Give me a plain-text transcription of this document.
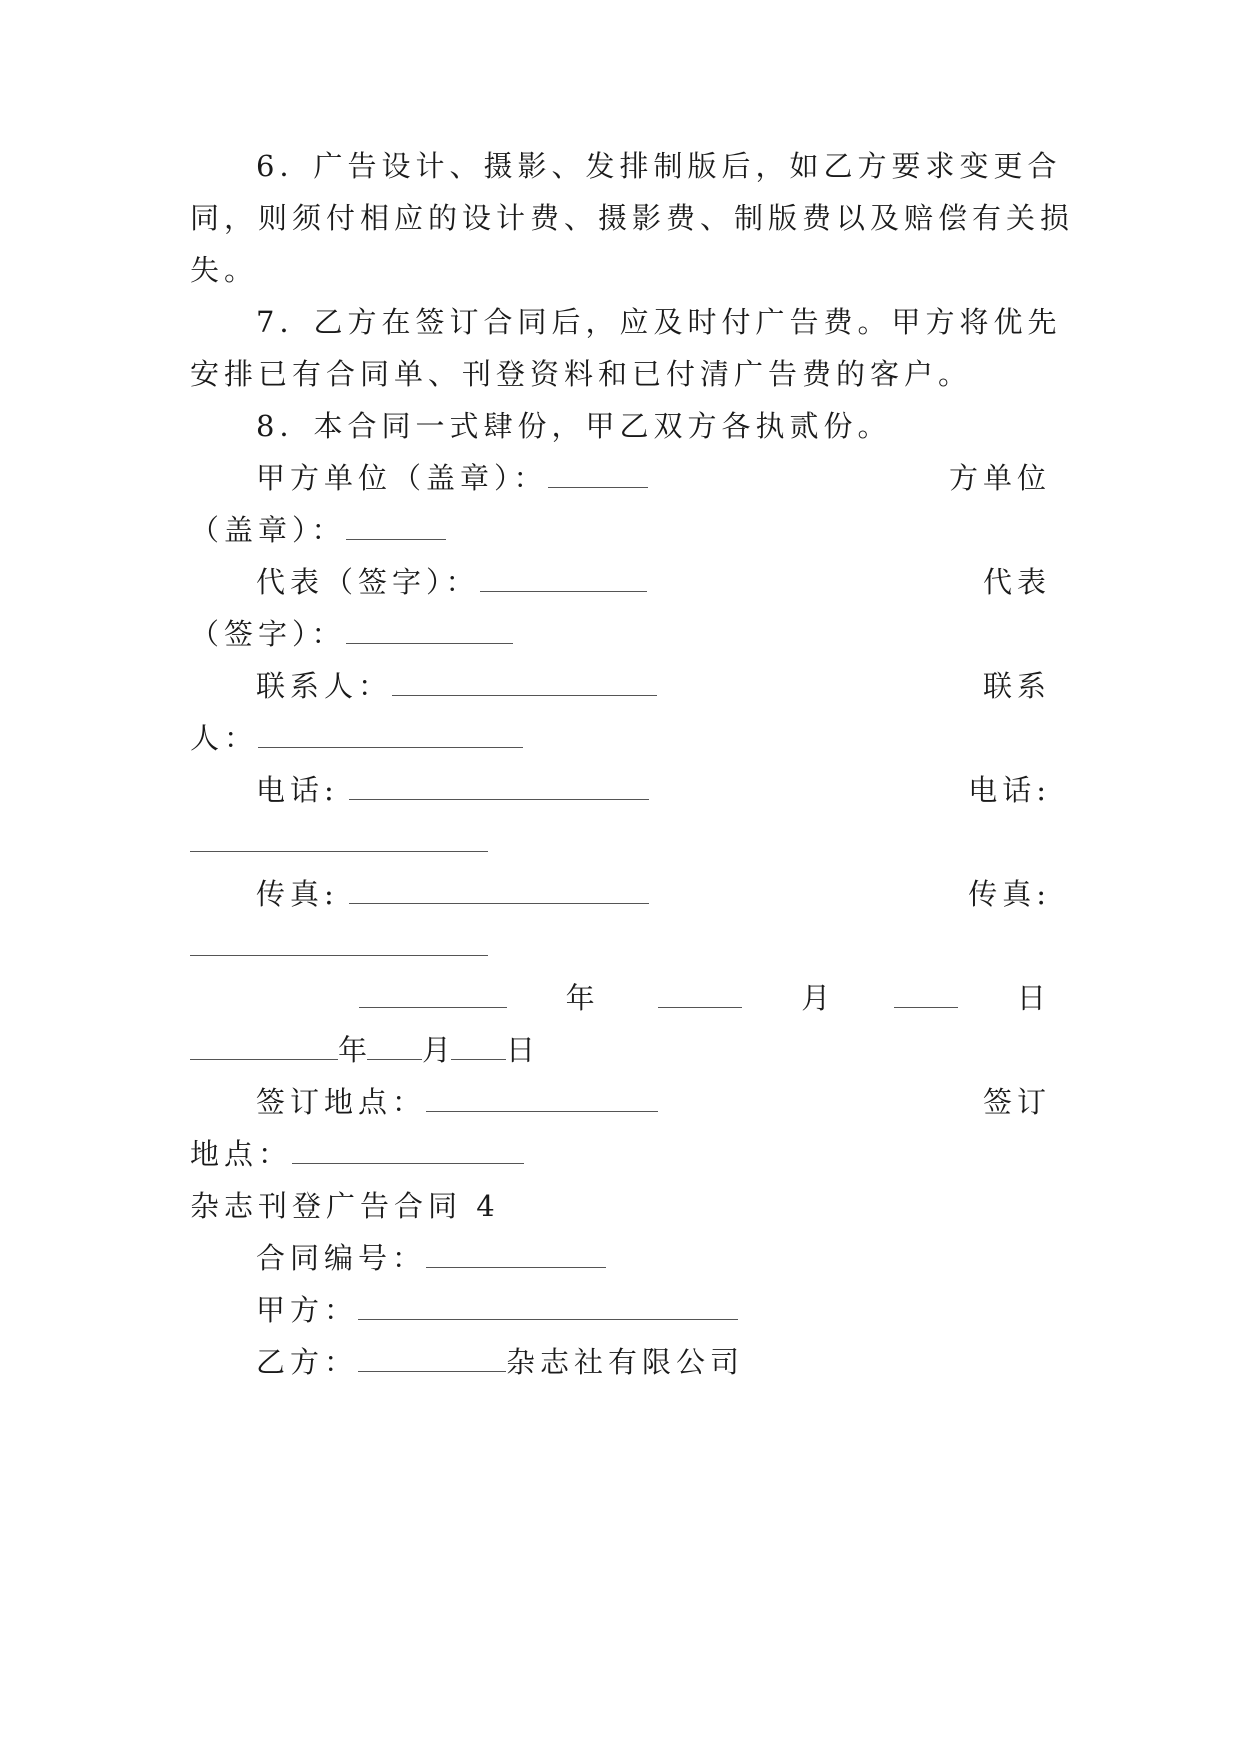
6．广告设计、摄影、发排制版后，如乙方要求变更合
同，则须付相应的设计费、摄影费、制版费以及赔偿有关损
失。
7．乙方在签订合同后，应及时付广告费。甲方将优先
安排已有合同单、刊登资料和已付清广告费的客户。
8．本合同一式肆份，甲乙双方各执贰份。
甲方单位（盖章）：	方单位
（盖章）：
代表（签字）：	代表
（签字）：
联系人：	联系
人：
电话:	电话:
传真:	传真:
年	月	日
年 月 日
签订地点：	签订
地点：
杂志刊登广告合同 4
合同编号：
甲方：
乙方：	杂志社有限公司
